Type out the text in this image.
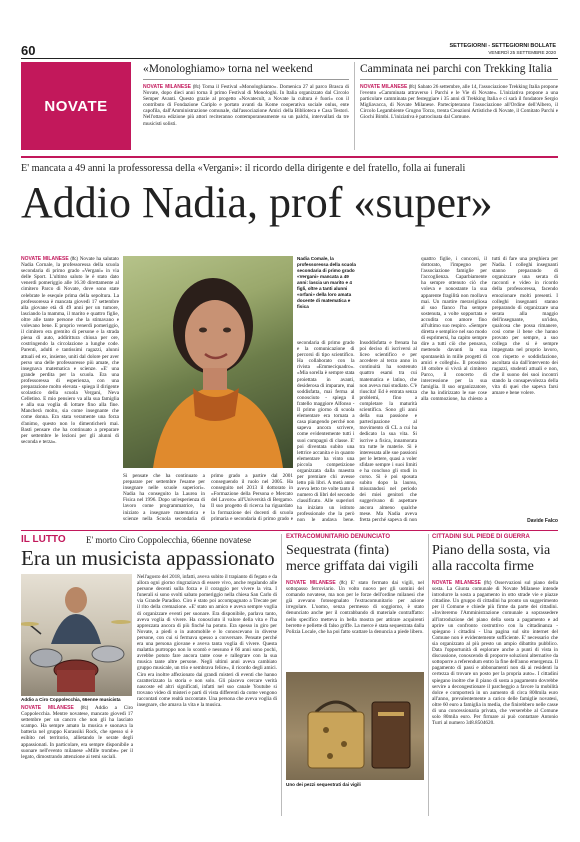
60	SETTEGIORNI - SETTEGIORNI BOLLATE
VENERDÌ 25 SETTEMBRE 2020
NOVATE
«Monologhiamo» torna nel weekend
NOVATE MILANESE (lfc) Torna il Festival «Monologhiamo». Domenica 27 al parco Brasca di Novate, dopo dieci anni torna il primo Festival di Monologhi. In Italia organizzato dal Circolo Semper Avanti. Questo grazie al progetto «Novatecult, a Novate la cultura è fuori» con il contributo di Fondazione Cariplo e portato avanti da Kome cooperativa sociale onlus, ente capofila, dall'Amministrazione comunale, dall'associazione Amici della Biblioteca e Casa Testori. Nell'ottava edizione più attori reciteranno contemporaneamente su un palchi, intervallati da tre musicisti solisti.
Camminata nei parchi con Trekking Italia
NOVATE MILANESE (lfc) Sabato 26 settembre, alle 14, l'associazione Trekking Italia propone l'evento «Camminata attraverso i Parchi e le Vie di Novate». L'iniziativa propone a una particolare camminata per festeggiare i 35 anni di Trekking Italia e ci sarà il fondatore Sergio Migliavacca, di Novate Milanese. Partecipteranno l'associazione all'Ordine dell'Albero, il Circolo Legambiente Grugno Torzo, trenta Creazioni Artistiche di Novate, il Comitato Parchi e Giochi Bimbi. L'iniziativa è patrocinata dal Comune.
E' mancata a 49 anni la professoressa della «Vergani»: il ricordo della dirigente e del fratello, folla ai funerali
Addio Nadia, prof «super»
NOVATE MILANESE (lfc) Novate ha salutato Nadia Cornale, la professoressa della scuola secondaria di primo grado «Vergani» in via delle Sport. L'ultimo saluto le è stato dato venerdì pomeriggio alle 16.30 direttamente al cimitero Parco di Novate, dove sono state celebrate le esequie prima della sepoltura. La professoressa è mancata giovedì 17 settembre alla giovane età di 49 anni per un tumore, lasciando la mamma, il marito e quattro figlie, oltre alle tante persone che la stimavano e volevano bene. E proprio venerdì pomeriggio, il cimitero era gremito di persone e la strada piena di auto, addirittura chiusa per ore, costringendo la circolazione a lunghe code. Parenti, adulti e tantissimi ragazzi, alunni attuali ed ex, insieme, uniti dal dolore per aver perso una delle professoresse più amate, che insegnava matematica e scienze. «E' una grande perdita per la scuola. Era una professoressa di esperienza, con una preparazione molto elevata - spiega il dirigente scolastico della scuola Vergani, Neva Celletino. E mio pensiero va alla sua famiglia e alla sua voglia di lottare fino alla fine. Mancherà molto, sia come insegnante che come donna. Era stata veramente una forza d'animo, questo non lo dimenticherò mai. Basti pensare che ha continuato a preparare per settembre le lezioni per gli alunni di seconda e terza».
Nadia Comale, la professoressa della scuola secondaria di primo grado «Vergani» mancata a 49 anni: lascia un marito e 4 figli, oltre a tanti alunni «orfani» della loro amata docente di matematica e fisica
Si pensate che ha continuato a preparare per settembre l'esame per insegnare nelle scuole superiori». Nadia ha conseguito la Laurea in Fisica nel 1996. Dopo un'esperienza di lavoro come programmatrice, ha iniziato a insegnare matematica e scienze nella Scuola secondaria di primo grado a partire dal 2001 conseguendo il ruolo nel 2005. Ha conseguito nel 2013 il dottorato in «Formazione della Persona e Mercato del Lavoro» all'Università di Bergamo. Il suo progetto di ricerca ha riguardato la formazione dei docenti di scuola primaria e secondaria di primo grado e
secondaria di primo grado e la comunicazione di percorsi di tipo scientifico. Ha collaborato con la rivista «Emmeciquadro». «Mia sorella è sempre stata proiettata in avanti, desiderosa di imparare, mai soddisfatta, mai ferma al conosciuto - spiega il fratello maggiore Alfonso - Il primo giorno di scuola elementare era tornata a casa piangendo perché non sapeva ancora scrivere, come evidentemente tutti i suoi compagni di classe. E' poi diventata subito una lettrice accanita e in quanto elementare ha vinto una piccola competizione organizzata dalla maestra per premiare chi avesse letto più libri. A metà anno aveva letto tre volte tanto il numero di libri del secondo classificato. Alle superiori ha iniziato un istituto professionale che la però non le andava bene. Insoddisfatta e frenata ha poi deciso di iscriversi al liceo scientifico e per accedere al terzo anno in continuità ha sostenuto quattro esami tra cui matematica e latino, che non aveva mai studiato. C'è riuscita! Ed è entrata senza problemi, fino a completare la maturità scientifica. Sono gli anni della sua passione e partecipazione al movimento di CL a cui ha dedicato la sua vita. Si iscrive a fisica, innamorata tra tutte le materie. Si è interessata alle sue passioni per le lettere, quasi a voler sfidare sempre i suoi limiti e ha concluso gli studi in corso. Si è poi sposata subito dopo la laurea, misurandosi nel periodo dei miei genitori che suggerivano di aspettare ancora almeno qualche mese. Ma Nadia aveva fretta perché sapeva di non
quattro figlie, i concorsi, il dottorato, l'impegno per l'associazione famiglie per l'accoglienza. Caparbiamente ha sempre ottenuto ciò che voleva e nonostante la sua apparente fragilità non mollava mai. Un martire meravigliosa al suo fianco l'ha sempre sostenuta, a volte sopportata e accudita con amore fino all'ultimo suo respiro. «Sempre diretta e semplice nel suo modo di esprimersi, ha capito sempre dire a tutti ciò che pensava, mettendo davanti la sua spontaneità in mille progetti di amici e colleghi». Il prossimo 18 ottobre si vivrà al cimitero Parco, il concerto di intercessione per la sua famiglia. Il suo organizzatore, che ha indirizzato le sue cose alla commozione, ha chiesto a tutti di fare una preghiera per Nadia. I colleghi insegnanti stanno preparando di organizzare una serata di racconti e video in ricordo della professoressa, facendo emozionare molti presenti. I colleghi insegnanti stanno preparando di organizzare una serata alla maggio dell'insegnante, un'idea, qualcosa che possa rimanere, così come il bene che hanno provato per sempre, a suo collega che si è sempre impegnata nel proprio lavoro, con rispetto e soddisfazione, ascoltata sia dall'intervento dei ragazzi, studenti attuali e non, che il suono dei suoi incontri stando la consapevolezza della vita di quei che sapeva farsi amare e bene volere.
Davide Falco
IL LUTTO E' morto Ciro Coppolecchia, 66enne novatese
Era un musicista appassionato
Addio a Ciro Coppolecchia, 66enne musicista
NOVATE MILANESE (lfc) Addio a Ciro Coppolecchia. Mentre novatese, mancato giovedì 17 settembre per un cancro che non gli ha lasciato scampo. Ha sempre amato la musica e suonava la batteria nel gruppo Kurassiki Rock, che spesso si è esibito nel territorio, allietando le serate degli appassionati. In particolare, era sempre disponibile a suonare nell'evento milanese «Mille trombe» per il legato, dimostrando attenzione ai temi sociali.
Nell'agosto del 2018, infatti, aveva subito il trapianto di fegato e da allora ogni giorno ringraziava di essere vivo, anche regalando alle persone decenti sulla forza e il coraggio per vivere la vita. I funerali si sono svolti sabato pomeriggio nella chiesa San Carlo di via Grande Paradiso. Ciro è stato poi accompagnato a Trecate per il rito della cremazione. «E' stato un amico e aveva sempre voglia di organizzare eventi per suonare. Era disponibile, parlava tanto, aveva voglia di vivere. Ha conosciuto il valore della vita e l'ha apprezzata ancora di più finché ha potuto. Era spesso in giro per Novate, a piedi o in automobile e lo conoscevano in diverse persone, con cui si fermava spesso a conversare. Pensate perché era una persona giovane e aveva tanta voglia di vivere. Questa malattia purtroppo non lo scontò e nessuno è 66 anni sono pochi, avrebbe potuto fare ancora tante cose e rallegrare con la sua musica tante altre persone. Negli ultimi anni aveva cambiato gruppo musicale, un trio e sembrava felice», il ricordo degli amici. Ciro era inoltre affezionato dai grandi misteri di eventi che hanno caratterizzato la storia e non solo. Gli piaceva cercare verità nascoste ed altri significati, infatti nel suo canale Youtube si trovano video di misteri e parti di vista differenti da come vengono raccontati come realtà raccontate. Una persona che aveva voglia di insegnare, che amava la vita e la musica.
EXTRACOMUNITARIO DENUNCIATO
Sequestrata (finta) merce griffata dai vigili
NOVATE MILANESE (lfc) E' stato fermato dai vigili, nel sottopasso ferroviario. Un volto nuovo per gli uomini del comando novatese, ma non per le forze dell'ordine milanesi che già avevano fotosegnalato l'extracomunitario per azione irregolare. L'uomo, senza permesso di soggiorno, è stato denunciato anche per il contrabbando di materiale contraffatto: nello specifico metteva in bella mostra per attirare acquirenti berrette e pellette di falso griffe. La merce è stata sequestrata dalla Polizia Locale, che ha poi fatto scattare la denuncia a piede libero.
Uno dei pezzi sequestrati dai vigili
CITTADINI SUL PIEDE DI GUERRA
Piano della sosta, via alla raccolta firme
NOVATE MILANESE (lfc) Osservazioni sul piano della sosta. La Giunta comunale di Novate Milanese intende introdurre la sosta a pagamento in otto strade vie e piazze cittadine. Un gruppo di cittadini ha pronto un suggerimento per il Comune e chiede più firme da parte dei cittadini. «Inviteremo l'Amministrazione comunale a soprassedere all'introduzione del piano della sosta a pagamento e ad aprire un confronto costruttivo con la cittadinanza - spiegano i cittadini - Una pagina sul sito internet del Comune non è evidentemente sufficiente. E' necessario che sia organizzato al più presto un ampio dibattito pubblico. Data l'opportunità di esplorare anche a punti di vista in discussione, conoscendo di proporre soluzioni alternative da sottoporre a referendum entro la fine dell'anno emergenza. Il pagamento di passi e abbonamenti non dà ai residenti la certezza di trovare un posto per la propria auto». I cittadini spiegano inoltre che il piano di sosta a pagamento dovrebbe servire a decongestionare il parcheggio a favore la mobilità dolce e comporterà in un aumento di circa 800mila euro all'anno, prevalentemente a carico delle famiglie novatesi, oltre 60 euro a famiglia in media, che finirebbero nelle casse di una concessionaria privata, che verserebbe al Comune solo 80mila euro. Per firmare ai può contattare Antonio Turri al numero 348.8504620.
